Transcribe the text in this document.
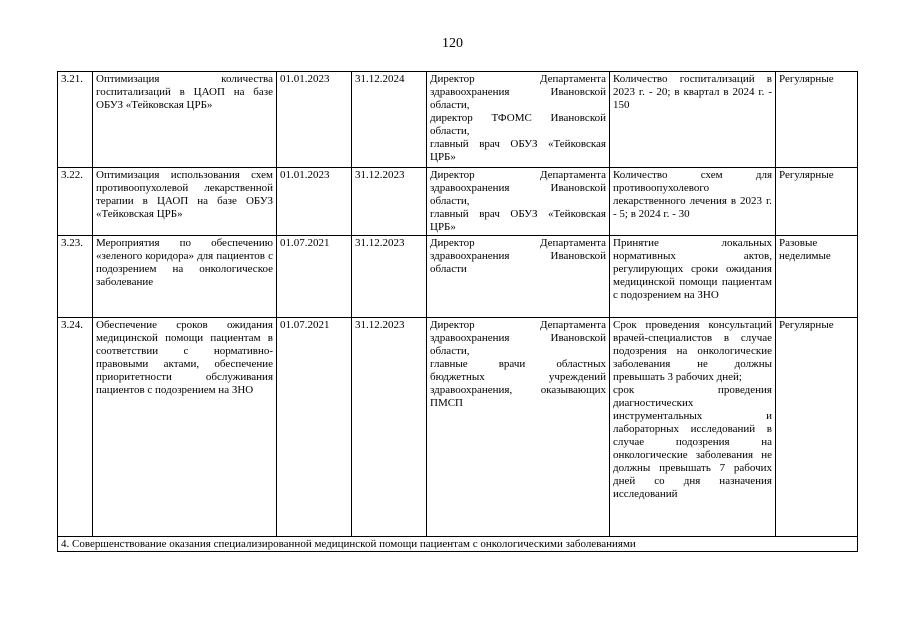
120
3.21.	Оптимизация количества госпитализаций в ЦАОП на базе ОБУЗ «Тейковская ЦРБ»	01.01.2023	31.12.2024	Директор Департамента здравоохранения Ивановской области,
директор ТФОМС Ивановской области,
главный врач ОБУЗ «Тейковская ЦРБ»	Количество госпитализаций в 2023 г. - 20; в квартал в 2024 г. - 150	Регулярные

3.22.	Оптимизация использования схем противоопухолевой лекарственной терапии в ЦАОП на базе ОБУЗ «Тейковская ЦРБ»	01.01.2023	31.12.2023	Директор Департамента здравоохранения Ивановской области,
главный врач ОБУЗ «Тейковская ЦРБ»	Количество схем для противоопухолевого лекарственного лечения в 2023 г. - 5; в 2024 г. - 30	Регулярные

3.23.	Мероприятия по обеспечению «зеленого коридора» для пациентов с подозрением на онкологическое заболевание	01.07.2021	31.12.2023	Директор Департамента здравоохранения Ивановской области	Принятие локальных нормативных актов, регулирующих сроки ожидания медицинской помощи пациентам с подозрением на ЗНО	Разовые неделимые

3.24.	Обеспечение сроков ожидания медицинской помощи пациентам в соответствии с нормативно-правовыми актами, обеспечение приоритетности обслуживания пациентов с подозрением на ЗНО	01.07.2021	31.12.2023	Директор Департамента здравоохранения Ивановской области,
главные врачи областных бюджетных учреждений здравоохранения, оказывающих ПМСП	Срок проведения консультаций врачей-специалистов в случае подозрения на онкологические заболевания не должны превышать 3 рабочих дней;
срок проведения диагностических инструментальных и лабораторных исследований в случае подозрения на онкологические заболевания не должны превышать 7 рабочих дней со дня назначения исследований	Регулярные

4. Совершенствование оказания специализированной медицинской помощи пациентам с онкологическими заболеваниями						
